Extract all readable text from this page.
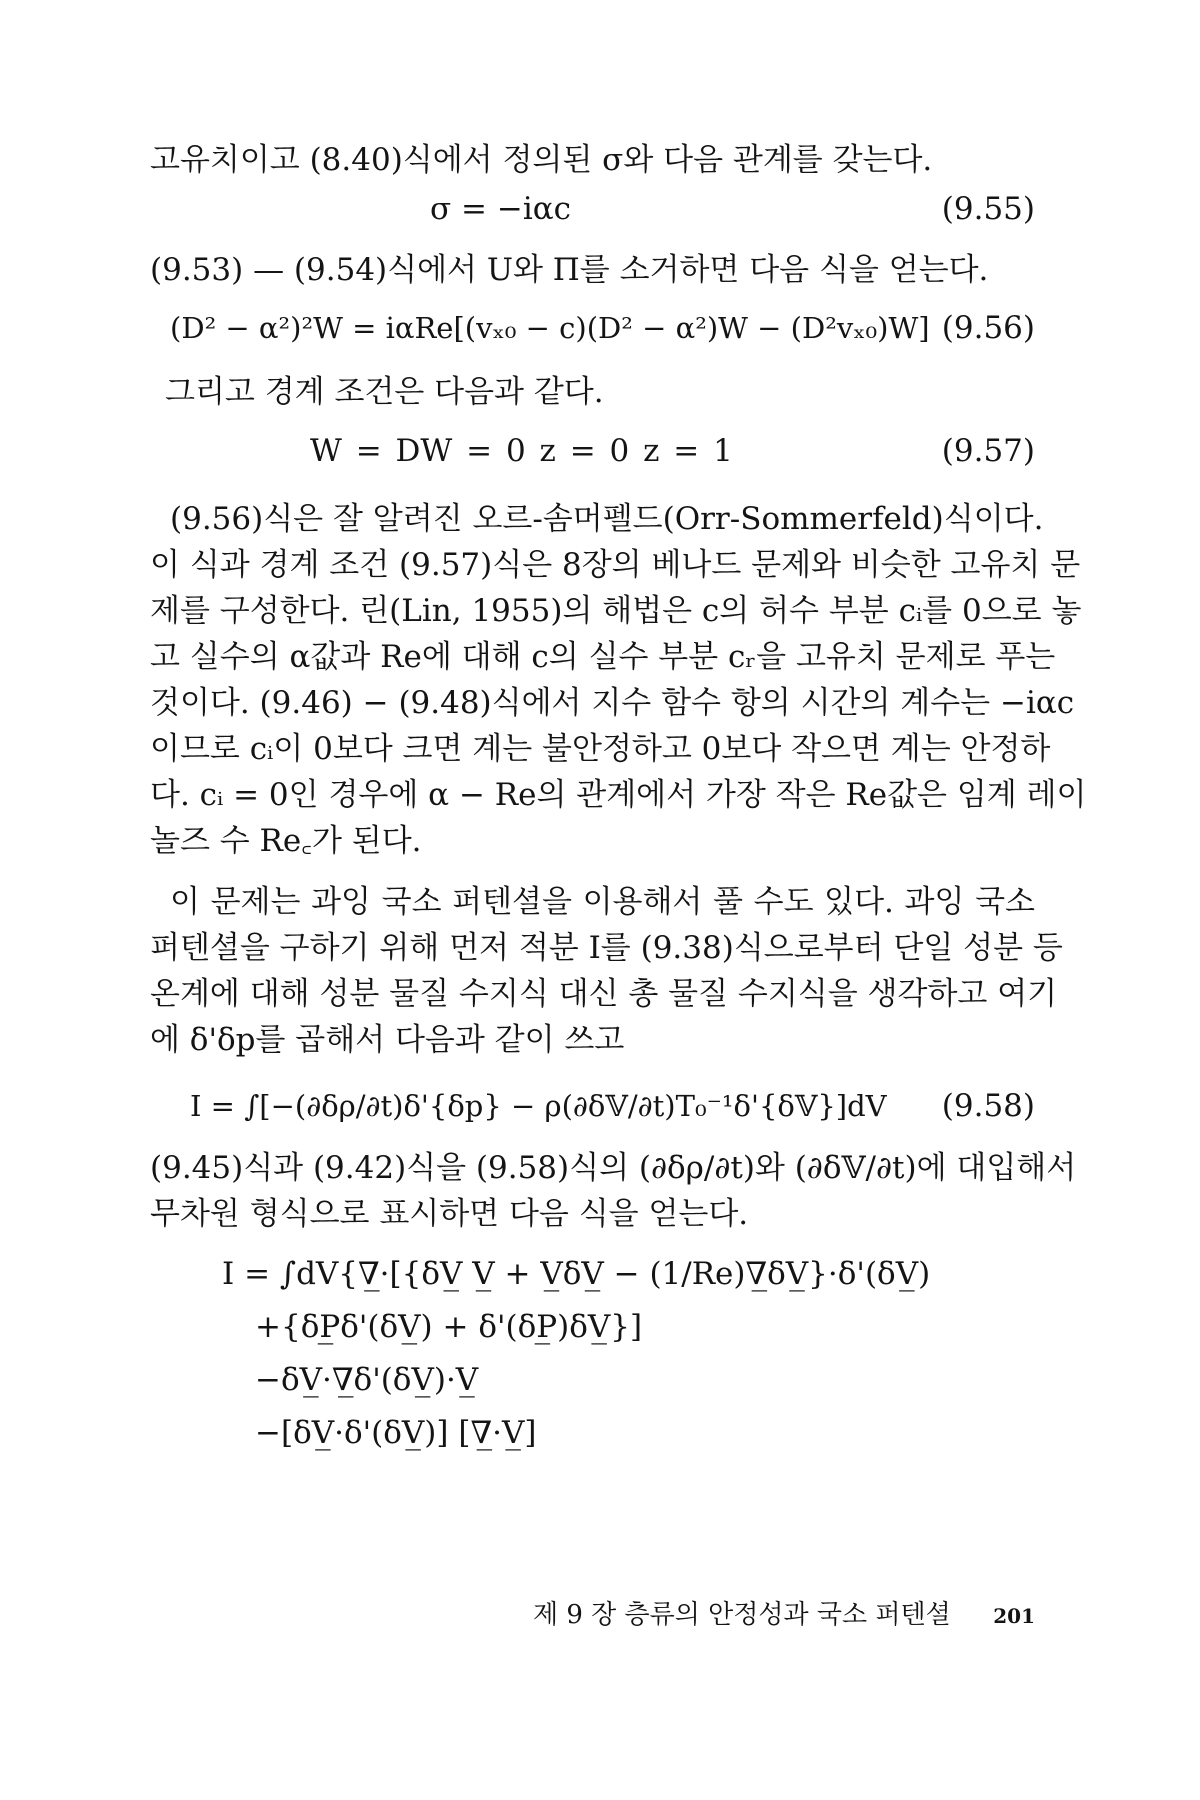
고유치이고 (8.40)식에서 정의된 σ와 다음 관계를 갖는다.
σ = −iαc	(9.55)
(9.53) — (9.54)식에서 U와 Π를 소거하면 다음 식을 얻는다.
(D² − α²)²W = iαRe[(vₓ₀ − c)(D² − α²)W − (D²vₓ₀)W] (9.56)
그리고 경계 조건은 다음과 같다.
W = DW = 0 z = 0 z = 1	(9.57)
(9.56)식은 잘 알려진 오르-솜머펠드(Orr-Sommerfeld)식이다.
이 식과 경계 조건 (9.57)식은 8장의 베나드 문제와 비슷한 고유치 문
제를 구성한다. 린(Lin, 1955)의 해법은 c의 허수 부분 cᵢ를 0으로 놓
고 실수의 α값과 Re에 대해 c의 실수 부분 cᵣ을 고유치 문제로 푸는
것이다. (9.46) − (9.48)식에서 지수 함수 항의 시간의 계수는 −iαc
이므로 cᵢ이 0보다 크면 계는 불안정하고 0보다 작으면 계는 안정하
다. cᵢ = 0인 경우에 α − Re의 관계에서 가장 작은 Re값은 임계 레이
놀즈 수 Re꜀가 된다.
이 문제는 과잉 국소 퍼텐셜을 이용해서 풀 수도 있다. 과잉 국소
퍼텐셜을 구하기 위해 먼저 적분 I를 (9.38)식으로부터 단일 성분 등
온계에 대해 성분 물질 수지식 대신 총 물질 수지식을 생각하고 여기
에 δ'δp를 곱해서 다음과 같이 쓰고
I = ∫[−(∂δρ/∂t)δ'{δp} − ρ(∂δ𝕍/∂t)T₀⁻¹δ'{δ𝕍}]dV (9.58)
(9.45)식과 (9.42)식을 (9.58)식의 (∂δρ/∂t)와 (∂δ𝕍/∂t)에 대입해서
무차원 형식으로 표시하면 다음 식을 얻는다.
I = ∫dV{∇̲·[{δV̲ V̲ + V̲δV̲ − (1/Re)∇̲δV̲}·δ'(δV̲)
+{δP̲δ'(δV̲) + δ'(δP̲)δV̲}]
−δV̲·∇̲δ'(δV̲)·V̲
−[δV̲·δ'(δV̲)] [∇̲·V̲]
제 9 장 층류의 안정성과 국소 퍼텐셜 201
